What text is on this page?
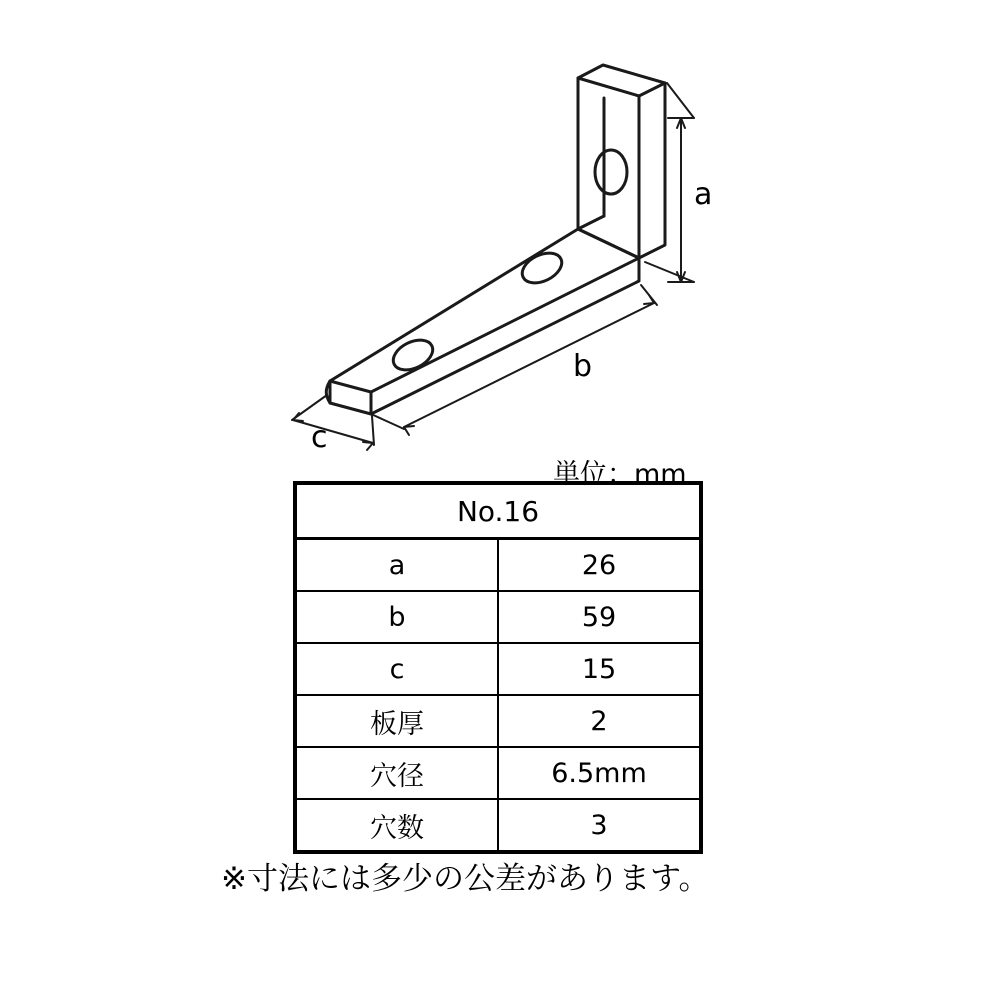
a
b
c
単位：mm
No.16	
a	26
b	59
c	15
板厚	2
穴径	6.5mm
穴数	3
※寸法には多少の公差があります。
